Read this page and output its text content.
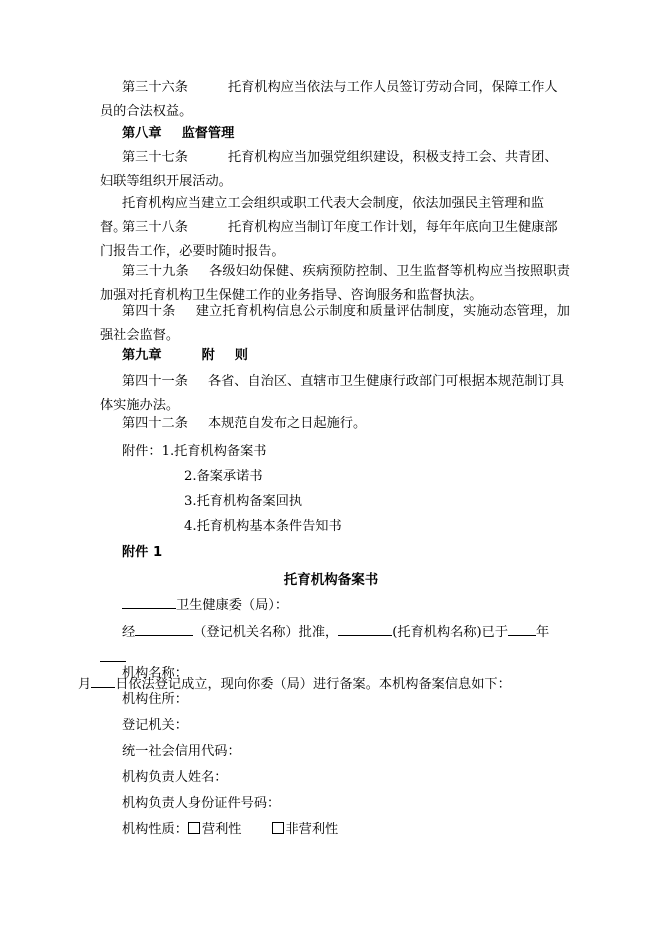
第三十六条	托育机构应当依法与工作人员签订劳动合同，保障工作人员的合法权益。

第八章 监督管理

第三十七条	托育机构应当加强党组织建设，积极支持工会、共青团、妇联等组织开展活动。

托育机构应当建立工会组织或职工代表大会制度，依法加强民主管理和监督。

第三十八条	托育机构应当制订年度工作计划，每年年底向卫生健康部门报告工作，必要时随时报告。

第三十九条 各级妇幼保健、疾病预防控制、卫生监督等机构应当按照职责加强对托育机构卫生保健工作的业务指导、咨询服务和监督执法。

第四十条 建立托育机构信息公示制度和质量评估制度，实施动态管理，加强社会监督。

第九章	附 则

第四十一条 各省、自治区、直辖市卫生健康行政部门可根据本规范制订具体实施办法。

第四十二条 本规范自发布之日起施行。

附件：1.托育机构备案书

2.备案承诺书

3.托育机构备案回执

4.托育机构基本条件告知书

附件 1

托育机构备案书

卫生健康委（局）：

经	（登记机关名称）批准，	(托育机构名称)已于 年
月 日依法登记成立，现向你委（局）进行备案。本机构备案信息如下：

机构名称：

机构住所：

登记机关：

统一社会信用代码：

机构负责人姓名：

机构负责人身份证件号码：

机构性质： 营利性	非营利性
